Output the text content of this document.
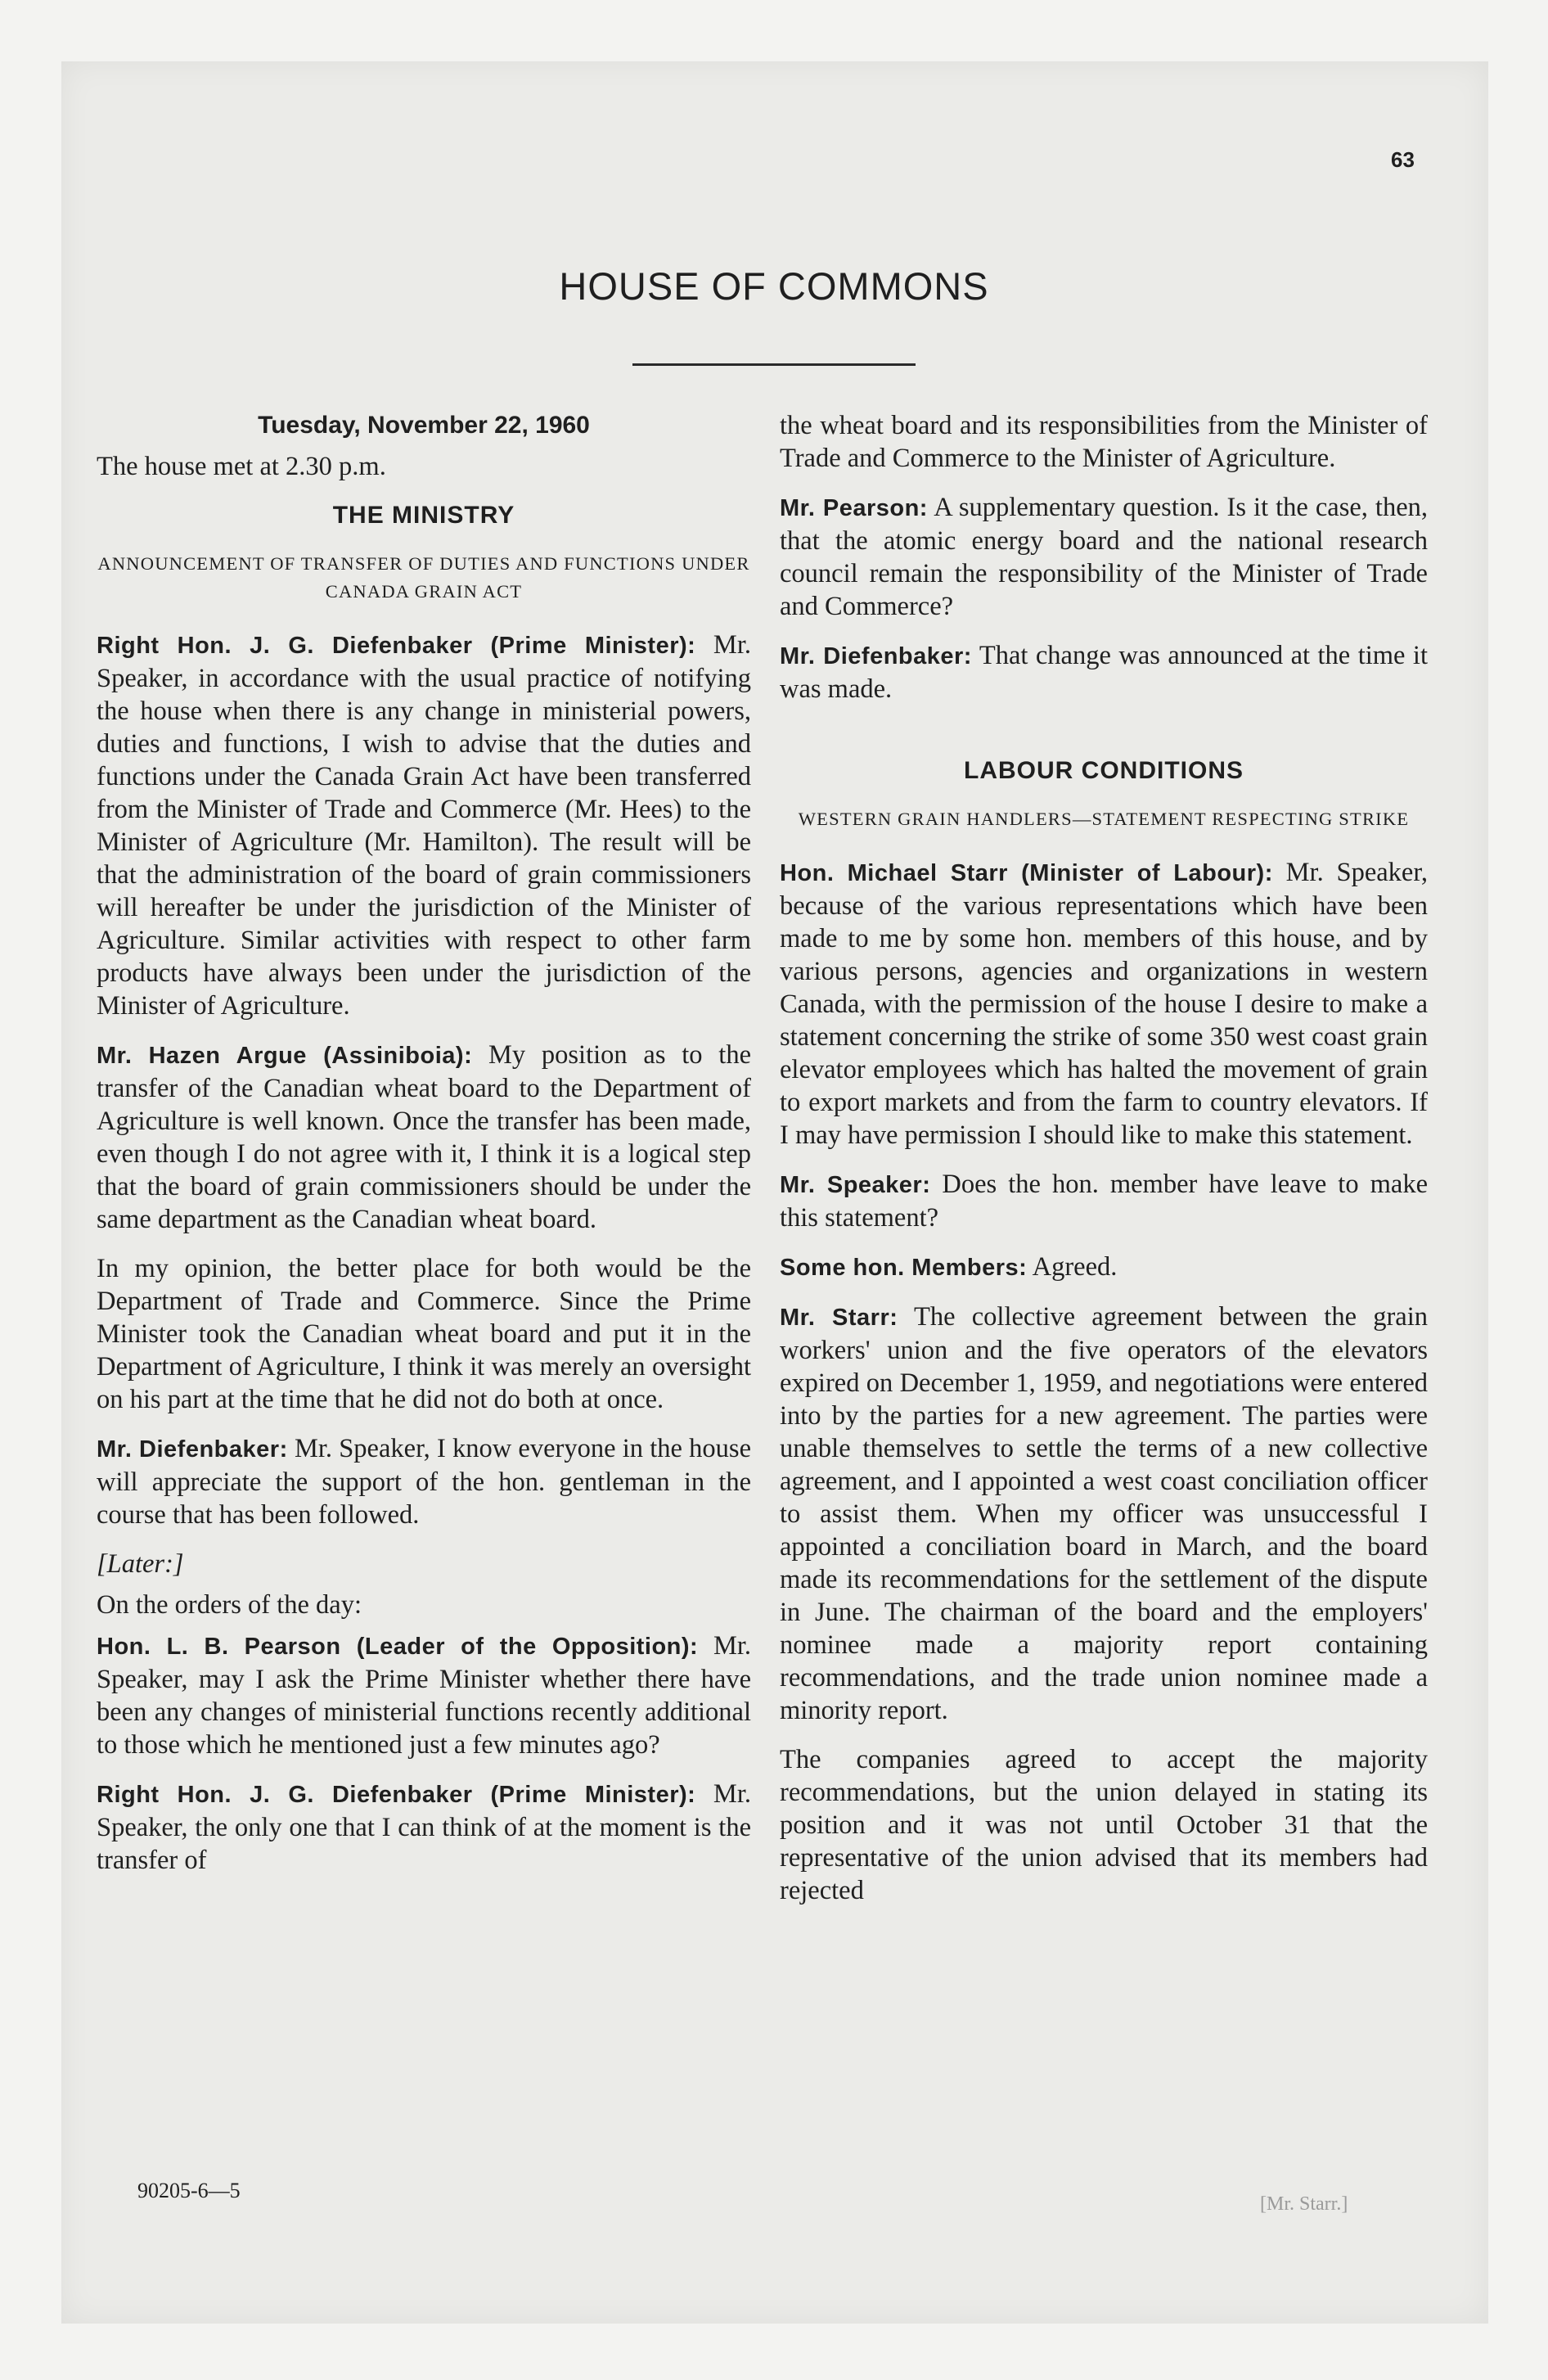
63
HOUSE OF COMMONS
Tuesday, November 22, 1960

The house met at 2.30 p.m.

THE MINISTRY
ANNOUNCEMENT OF TRANSFER OF DUTIES AND FUNCTIONS UNDER CANADA GRAIN ACT

Right Hon. J. G. Diefenbaker (Prime Minister): Mr. Speaker, in accordance with the usual practice of notifying the house when there is any change in ministerial powers, duties and functions, I wish to advise that the duties and functions under the Canada Grain Act have been transferred from the Minister of Trade and Commerce (Mr. Hees) to the Minister of Agriculture (Mr. Hamilton). The result will be that the administration of the board of grain commissioners will hereafter be under the jurisdiction of the Minister of Agriculture. Similar activities with respect to other farm products have always been under the jurisdiction of the Minister of Agriculture.

Mr. Hazen Argue (Assiniboia): My position as to the transfer of the Canadian wheat board to the Department of Agriculture is well known. Once the transfer has been made, even though I do not agree with it, I think it is a logical step that the board of grain commissioners should be under the same department as the Canadian wheat board.

In my opinion, the better place for both would be the Department of Trade and Commerce. Since the Prime Minister took the Canadian wheat board and put it in the Department of Agriculture, I think it was merely an oversight on his part at the time that he did not do both at once.

Mr. Diefenbaker: Mr. Speaker, I know everyone in the house will appreciate the support of the hon. gentleman in the course that has been followed.

[Later:]

On the orders of the day:

Hon. L. B. Pearson (Leader of the Opposition): Mr. Speaker, may I ask the Prime Minister whether there have been any changes of ministerial functions recently additional to those which he mentioned just a few minutes ago?

Right Hon. J. G. Diefenbaker (Prime Minister): Mr. Speaker, the only one that I can think of at the moment is the transfer of

the wheat board and its responsibilities from the Minister of Trade and Commerce to the Minister of Agriculture.

Mr. Pearson: A supplementary question. Is it the case, then, that the atomic energy board and the national research council remain the responsibility of the Minister of Trade and Commerce?

Mr. Diefenbaker: That change was announced at the time it was made.

LABOUR CONDITIONS
WESTERN GRAIN HANDLERS—STATEMENT RESPECTING STRIKE

Hon. Michael Starr (Minister of Labour): Mr. Speaker, because of the various representations which have been made to me by some hon. members of this house, and by various persons, agencies and organizations in western Canada, with the permission of the house I desire to make a statement concerning the strike of some 350 west coast grain elevator employees which has halted the movement of grain to export markets and from the farm to country elevators. If I may have permission I should like to make this statement.

Mr. Speaker: Does the hon. member have leave to make this statement?

Some hon. Members: Agreed.

Mr. Starr: The collective agreement between the grain workers' union and the five operators of the elevators expired on December 1, 1959, and negotiations were entered into by the parties for a new agreement. The parties were unable themselves to settle the terms of a new collective agreement, and I appointed a west coast conciliation officer to assist them. When my officer was unsuccessful I appointed a conciliation board in March, and the board made its recommendations for the settlement of the dispute in June. The chairman of the board and the employers' nominee made a majority report containing recommendations, and the trade union nominee made a minority report.

The companies agreed to accept the majority recommendations, but the union delayed in stating its position and it was not until October 31 that the representative of the union advised that its members had rejected

90205-6—5
[Mr. Starr.]
